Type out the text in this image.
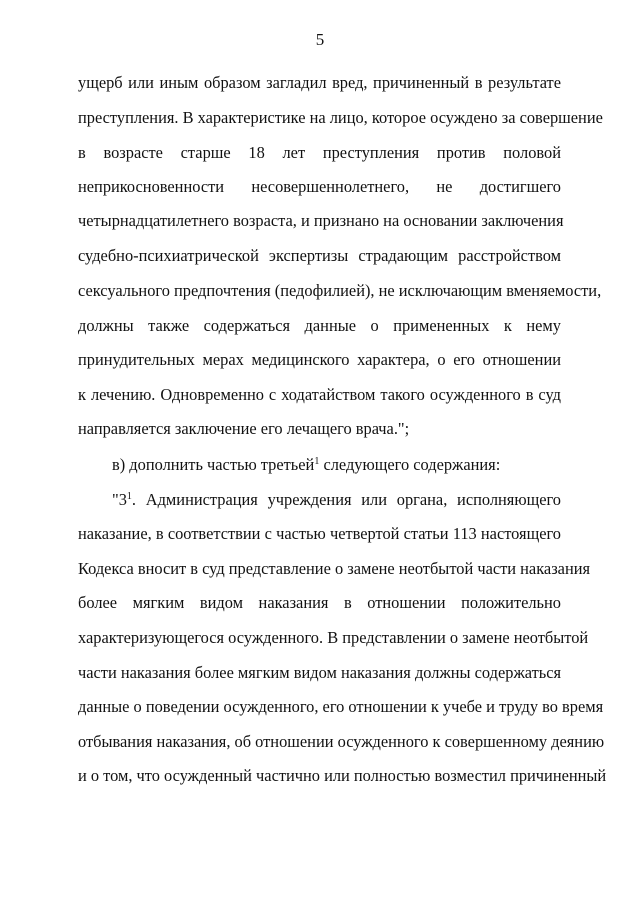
5
ущерб или иным образом загладил вред, причиненный в результате
преступления. В характеристике на лицо, которое осуждено за совершение
в возрасте старше 18 лет преступления против половой
неприкосновенности несовершеннолетнего, не достигшего
четырнадцатилетнего возраста, и признано на основании заключения
судебно-психиатрической экспертизы страдающим расстройством
сексуального предпочтения (педофилией), не исключающим вменяемости,
должны также содержаться данные о примененных к нему
принудительных мерах медицинского характера, о его отношении
к лечению. Одновременно с ходатайством такого осужденного в суд
направляется заключение его лечащего врача.";
в) дополнить частью третьей$^1$ следующего содержания:
"$3^1$. Администрация учреждения или органа, исполняющего
наказание, в соответствии с частью четвертой статьи 113 настоящего
Кодекса вносит в суд представление о замене неотбытой части наказания
более мягким видом наказания в отношении положительно
характеризующегося осужденного. В представлении о замене неотбытой
части наказания более мягким видом наказания должны содержаться
данные о поведении осужденного, его отношении к учебе и труду во время
отбывания наказания, об отношении осужденного к совершенному деянию
и о том, что осужденный частично или полностью возместил причиненный
